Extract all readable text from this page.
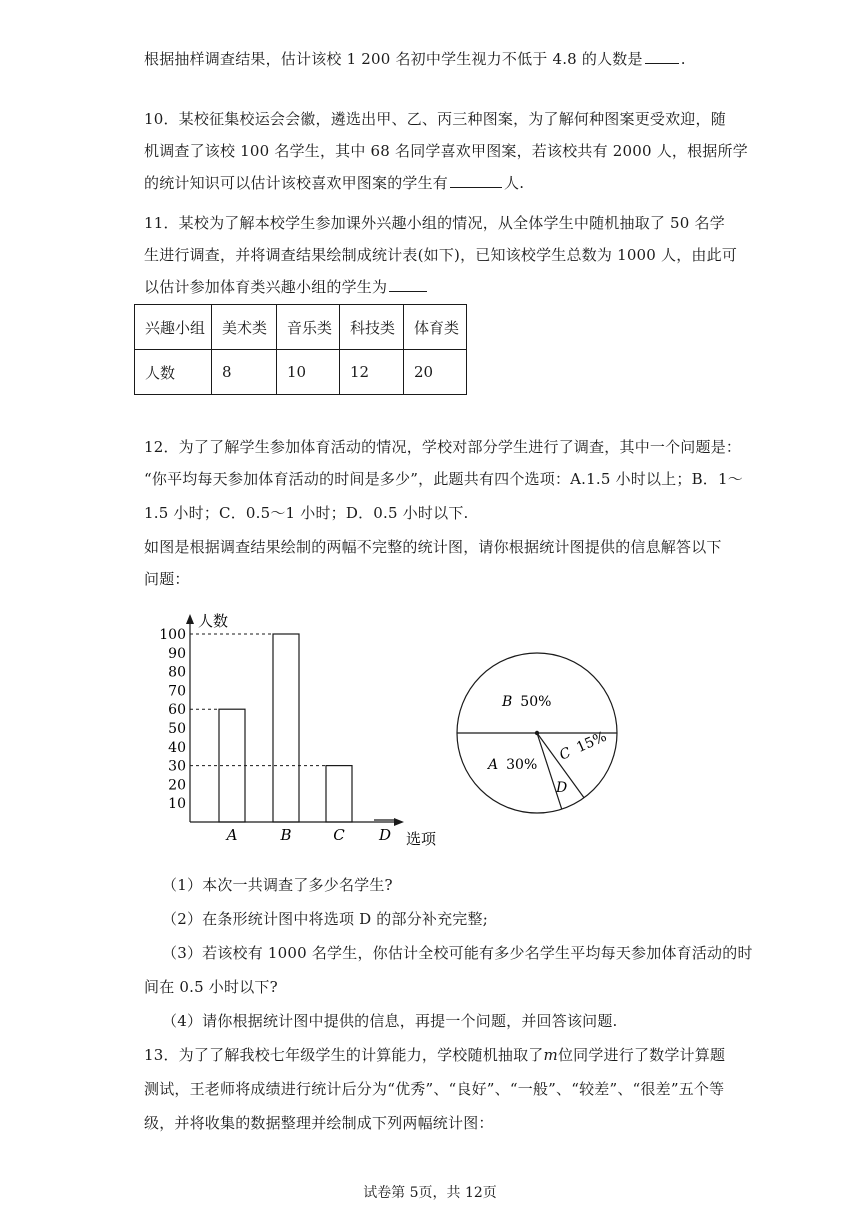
根据抽样调查结果，估计该校 1 200 名初中学生视力不低于 4.8 的人数是	.
10．某校征集校运会会徽，遴选出甲、乙、丙三种图案，为了解何种图案更受欢迎，随
机调查了该校 100 名学生，其中 68 名同学喜欢甲图案，若该校共有 2000 人，根据所学
的统计知识可以估计该校喜欢甲图案的学生有	人.
11．某校为了解本校学生参加课外兴趣小组的情况，从全体学生中随机抽取了 50 名学
生进行调查，并将调查结果绘制成统计表(如下)，已知该校学生总数为 1000 人，由此可
以估计参加体育类兴趣小组的学生为
兴趣小组	美术类	音乐类	科技类	体育类
人数	8	10	12	20
12．为了了解学生参加体育活动的情况，学校对部分学生进行了调查，其中一个问题是：
“你平均每天参加体育活动的时间是多少”，此题共有四个选项：A.1.5 小时以上；B．1～
1.5 小时；C．0.5～1 小时；D．0.5 小时以下.
如图是根据调查结果绘制的两幅不完整的统计图，请你根据统计图提供的信息解答以下
问题：
人数
选项
10
20
30
40
50
60
70
80
90
100
A	B	C D
B 50%
A 30%
C15%
D
（1）本次一共调查了多少名学生?
（2）在条形统计图中将选项 D 的部分补充完整;
（3）若该校有 1000 名学生，你估计全校可能有多少名学生平均每天参加体育活动的时
间在 0.5 小时以下?
（4）请你根据统计图中提供的信息，再提一个问题，并回答该问题.
13．为了了解我校七年级学生的计算能力，学校随机抽取了m位同学进行了数学计算题
测试，王老师将成绩进行统计后分为“优秀”、“良好”、“一般”、“较差”、“很差”五个等
级，并将收集的数据整理并绘制成下列两幅统计图：
试卷第 5页，共 12页
